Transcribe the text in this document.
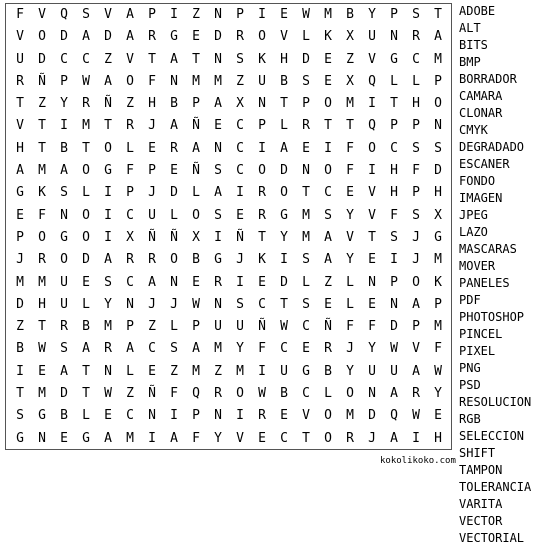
F	V	Q	S	V	A	P	I	Z	N	P	I	E	W	M	B	Y	P	S	T
V	O	D	A	D	A	R	G	E	D	R	O	V	L	K	X	U	N	R	A
U	D	C	C	Z	V	T	A	T	N	S	K	H	D	E	Z	V	G	C	M
R	Ñ	P	W	A	O	F	N	M	M	Z	U	B	S	E	X	Q	L	L	P
T	Z	Y	R	Ñ	Z	H	B	P	A	X	N	T	P	O	M	I	T	H	O
V	T	I	M	T	R	J	A	Ñ	E	C	P	L	R	T	T	Q	P	P	N
H	T	B	T	O	L	E	R	A	N	C	I	A	E	I	F	O	C	S	S
A	M	A	O	G	F	P	E	Ñ	S	C	O	D	N	O	F	I	H	F	D
G	K	S	L	I	P	J	D	L	A	I	R	O	T	C	E	V	H	P	H
E	F	N	O	I	C	U	L	O	S	E	R	G	M	S	Y	V	F	S	X
P	O	G	O	I	X	Ñ	Ñ	X	I	Ñ	T	Y	M	A	V	T	S	J	G
J	R	O	D	A	R	R	O	B	G	J	K	I	S	A	Y	E	I	J	M
M	M	U	E	S	C	A	N	E	R	I	E	D	L	Z	L	N	P	O	K
D	H	U	L	Y	N	J	J	W	N	S	C	T	S	E	L	E	N	A	P
Z	T	R	B	M	P	Z	L	P	U	U	Ñ	W	C	Ñ	F	F	D	P	M
B	W	S	A	R	A	C	S	A	M	Y	F	C	E	R	J	Y	W	V	F
I	E	A	T	N	L	E	Z	M	Z	M	I	U	G	B	Y	U	U	A	W
T	M	D	T	W	Z	Ñ	F	Q	R	O	W	B	C	L	O	N	A	R	Y
S	G	B	L	E	C	N	I	P	N	I	R	E	V	O	M	D	Q	W	E
G	N	E	G	A	M	I	A	F	Y	V	E	C	T	O	R	J	A	I	H
kokolikoko.com
ADOBE
ALT
BITS
BMP
BORRADOR
CAMARA
CLONAR
CMYK
DEGRADADO
ESCANER
FONDO
IMAGEN
JPEG
LAZO
MASCARAS
MOVER
PANELES
PDF
PHOTOSHOP
PINCEL
PIXEL
PNG
PSD
RESOLUCION
RGB
SELECCION
SHIFT
TAMPON
TOLERANCIA
VARITA
VECTOR
VECTORIAL
